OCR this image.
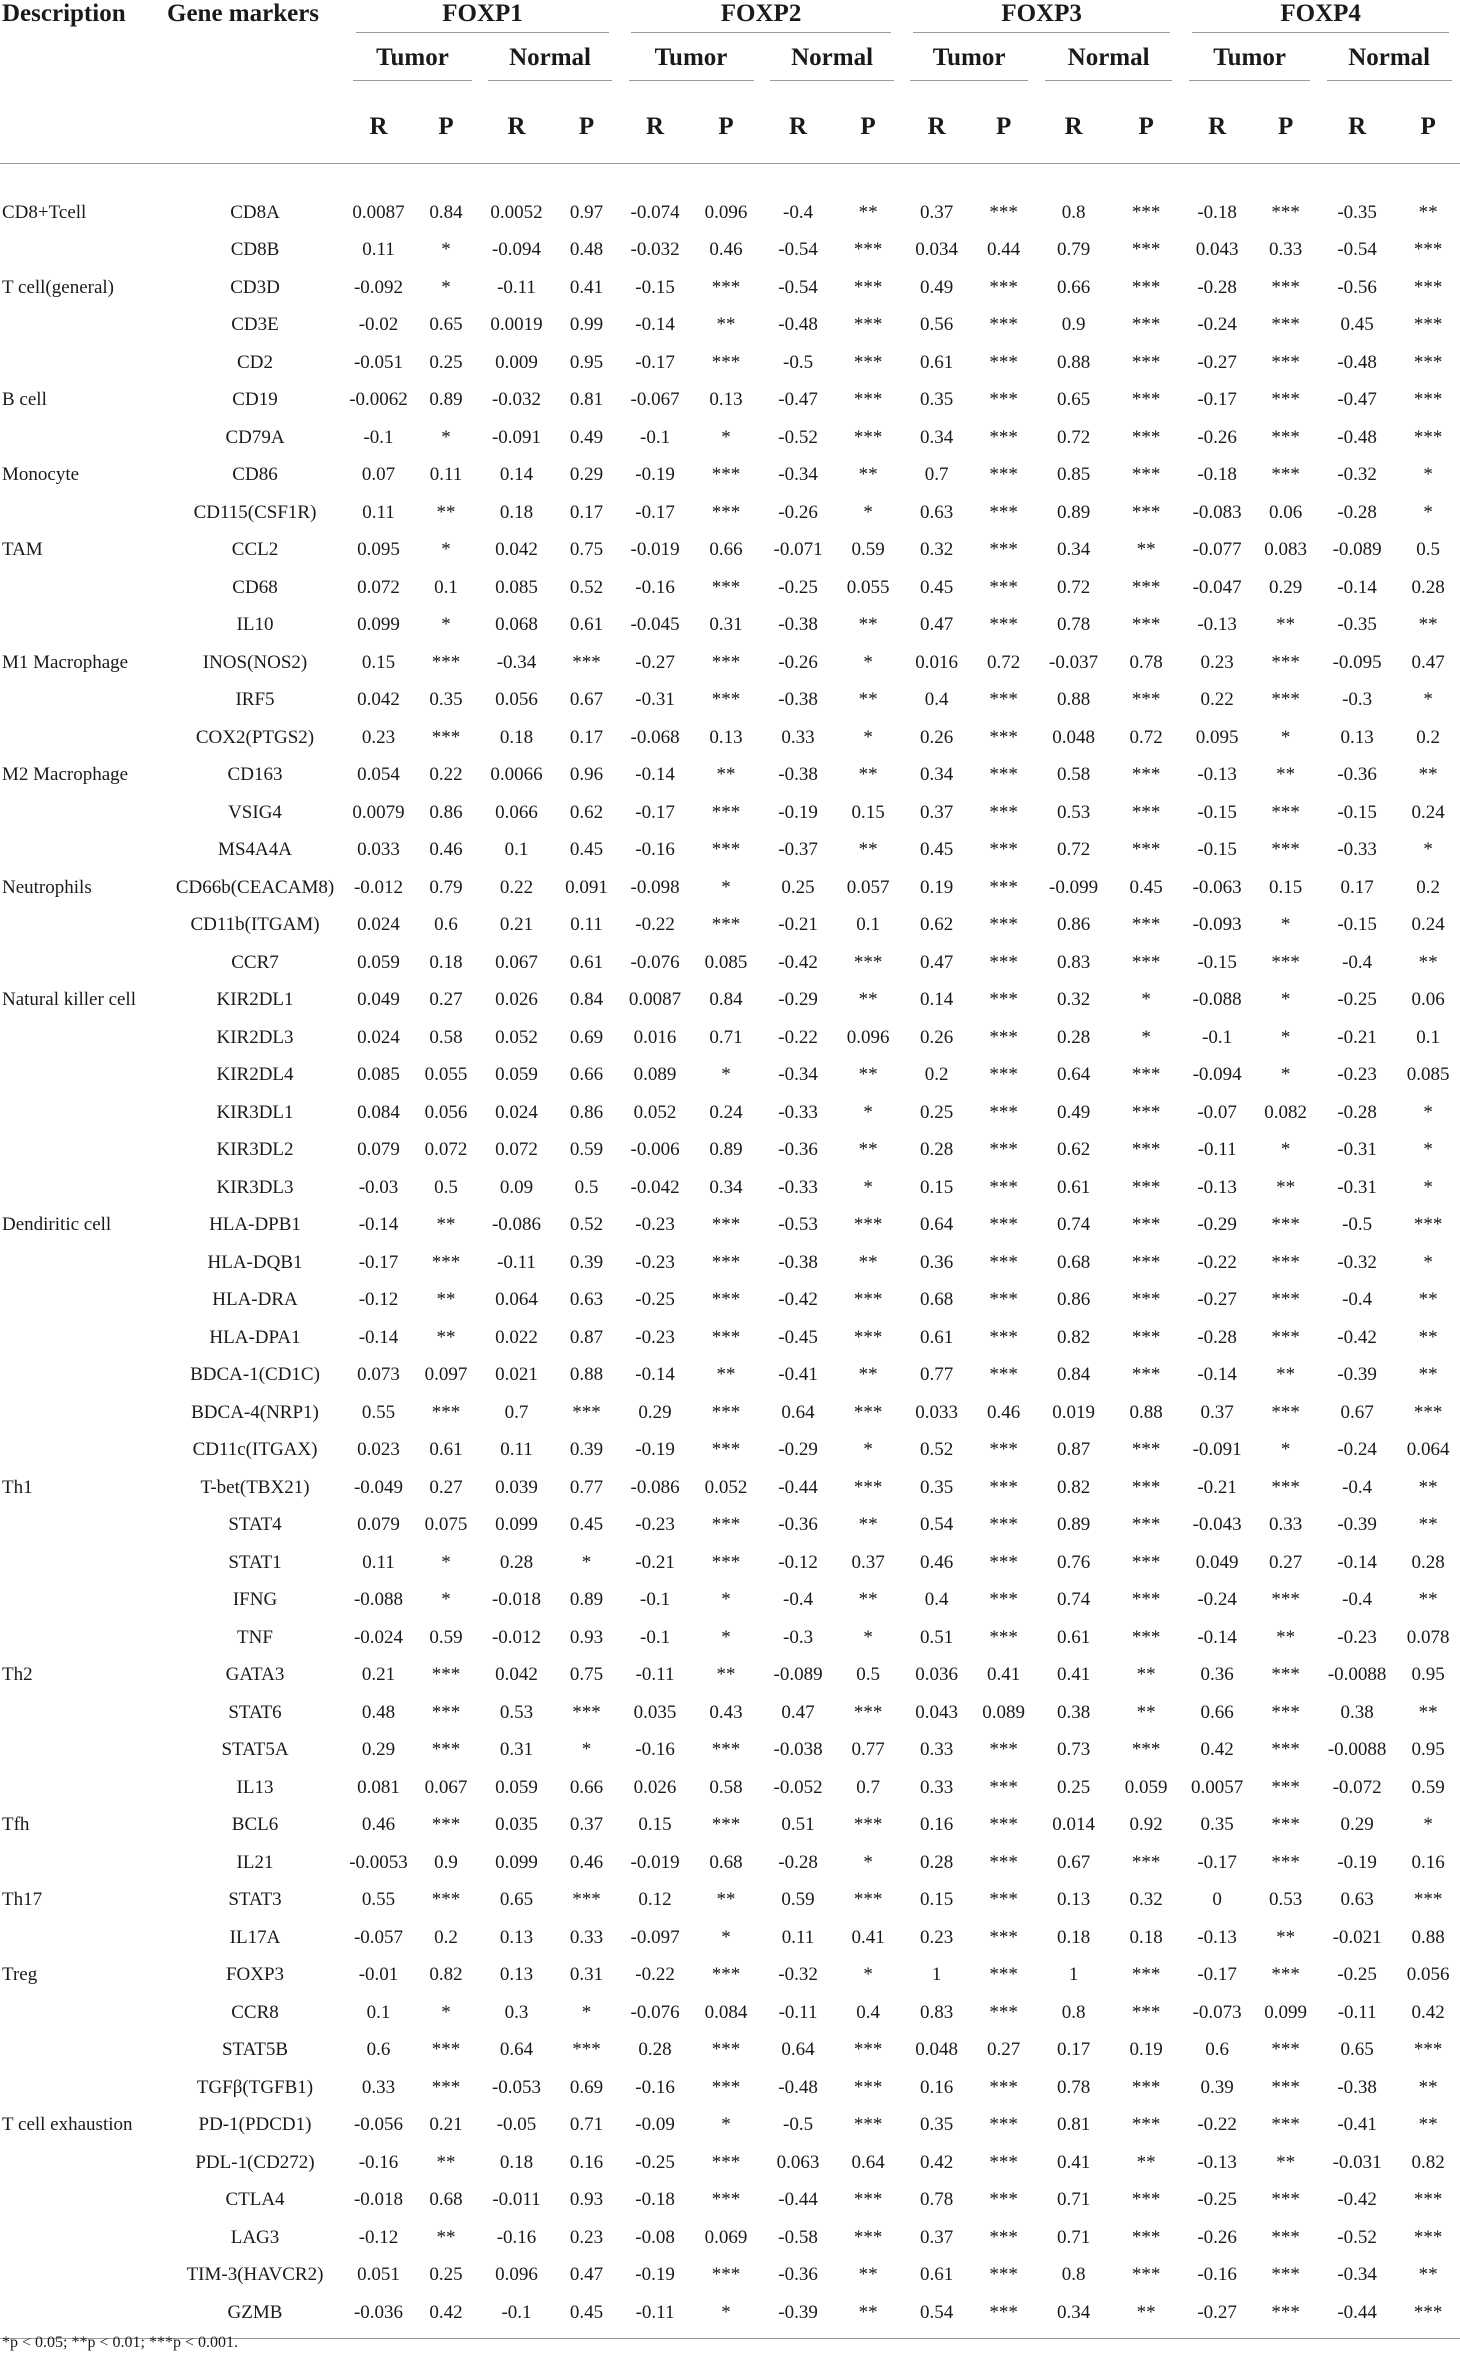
Description	Gene markers	FOXP1				FOXP2				FOXP3				FOXP4			
		Tumor		Normal		Tumor		Normal		Tumor		Normal		Tumor		Normal	
		R	P	R	P	R	P	R	P	R	P	R	P	R	P	R	P
CD8+Tcell	CD8A	0.0087	0.84	0.0052	0.97	-0.074	0.096	-0.4	**	0.37	***	0.8	***	-0.18	***	-0.35	**
	CD8B	0.11	*	-0.094	0.48	-0.032	0.46	-0.54	***	0.034	0.44	0.79	***	0.043	0.33	-0.54	***
T cell(general)	CD3D	-0.092	*	-0.11	0.41	-0.15	***	-0.54	***	0.49	***	0.66	***	-0.28	***	-0.56	***
	CD3E	-0.02	0.65	0.0019	0.99	-0.14	**	-0.48	***	0.56	***	0.9	***	-0.24	***	0.45	***
	CD2	-0.051	0.25	0.009	0.95	-0.17	***	-0.5	***	0.61	***	0.88	***	-0.27	***	-0.48	***
B cell	CD19	-0.0062	0.89	-0.032	0.81	-0.067	0.13	-0.47	***	0.35	***	0.65	***	-0.17	***	-0.47	***
	CD79A	-0.1	*	-0.091	0.49	-0.1	*	-0.52	***	0.34	***	0.72	***	-0.26	***	-0.48	***
Monocyte	CD86	0.07	0.11	0.14	0.29	-0.19	***	-0.34	**	0.7	***	0.85	***	-0.18	***	-0.32	*
	CD115(CSF1R)	0.11	**	0.18	0.17	-0.17	***	-0.26	*	0.63	***	0.89	***	-0.083	0.06	-0.28	*
TAM	CCL2	0.095	*	0.042	0.75	-0.019	0.66	-0.071	0.59	0.32	***	0.34	**	-0.077	0.083	-0.089	0.5
	CD68	0.072	0.1	0.085	0.52	-0.16	***	-0.25	0.055	0.45	***	0.72	***	-0.047	0.29	-0.14	0.28
	IL10	0.099	*	0.068	0.61	-0.045	0.31	-0.38	**	0.47	***	0.78	***	-0.13	**	-0.35	**
M1 Macrophage	INOS(NOS2)	0.15	***	-0.34	***	-0.27	***	-0.26	*	0.016	0.72	-0.037	0.78	0.23	***	-0.095	0.47
	IRF5	0.042	0.35	0.056	0.67	-0.31	***	-0.38	**	0.4	***	0.88	***	0.22	***	-0.3	*
	COX2(PTGS2)	0.23	***	0.18	0.17	-0.068	0.13	0.33	*	0.26	***	0.048	0.72	0.095	*	0.13	0.2
M2 Macrophage	CD163	0.054	0.22	0.0066	0.96	-0.14	**	-0.38	**	0.34	***	0.58	***	-0.13	**	-0.36	**
	VSIG4	0.0079	0.86	0.066	0.62	-0.17	***	-0.19	0.15	0.37	***	0.53	***	-0.15	***	-0.15	0.24
	MS4A4A	0.033	0.46	0.1	0.45	-0.16	***	-0.37	**	0.45	***	0.72	***	-0.15	***	-0.33	*
Neutrophils	CD66b(CEACAM8)	-0.012	0.79	0.22	0.091	-0.098	*	0.25	0.057	0.19	***	-0.099	0.45	-0.063	0.15	0.17	0.2
	CD11b(ITGAM)	0.024	0.6	0.21	0.11	-0.22	***	-0.21	0.1	0.62	***	0.86	***	-0.093	*	-0.15	0.24
	CCR7	0.059	0.18	0.067	0.61	-0.076	0.085	-0.42	***	0.47	***	0.83	***	-0.15	***	-0.4	**
Natural killer cell	KIR2DL1	0.049	0.27	0.026	0.84	0.0087	0.84	-0.29	**	0.14	***	0.32	*	-0.088	*	-0.25	0.06
	KIR2DL3	0.024	0.58	0.052	0.69	0.016	0.71	-0.22	0.096	0.26	***	0.28	*	-0.1	*	-0.21	0.1
	KIR2DL4	0.085	0.055	0.059	0.66	0.089	*	-0.34	**	0.2	***	0.64	***	-0.094	*	-0.23	0.085
	KIR3DL1	0.084	0.056	0.024	0.86	0.052	0.24	-0.33	*	0.25	***	0.49	***	-0.07	0.082	-0.28	*
	KIR3DL2	0.079	0.072	0.072	0.59	-0.006	0.89	-0.36	**	0.28	***	0.62	***	-0.11	*	-0.31	*
	KIR3DL3	-0.03	0.5	0.09	0.5	-0.042	0.34	-0.33	*	0.15	***	0.61	***	-0.13	**	-0.31	*
Dendiritic cell	HLA-DPB1	-0.14	**	-0.086	0.52	-0.23	***	-0.53	***	0.64	***	0.74	***	-0.29	***	-0.5	***
	HLA-DQB1	-0.17	***	-0.11	0.39	-0.23	***	-0.38	**	0.36	***	0.68	***	-0.22	***	-0.32	*
	HLA-DRA	-0.12	**	0.064	0.63	-0.25	***	-0.42	***	0.68	***	0.86	***	-0.27	***	-0.4	**
	HLA-DPA1	-0.14	**	0.022	0.87	-0.23	***	-0.45	***	0.61	***	0.82	***	-0.28	***	-0.42	**
	BDCA-1(CD1C)	0.073	0.097	0.021	0.88	-0.14	**	-0.41	**	0.77	***	0.84	***	-0.14	**	-0.39	**
	BDCA-4(NRP1)	0.55	***	0.7	***	0.29	***	0.64	***	0.033	0.46	0.019	0.88	0.37	***	0.67	***
	CD11c(ITGAX)	0.023	0.61	0.11	0.39	-0.19	***	-0.29	*	0.52	***	0.87	***	-0.091	*	-0.24	0.064
Th1	T-bet(TBX21)	-0.049	0.27	0.039	0.77	-0.086	0.052	-0.44	***	0.35	***	0.82	***	-0.21	***	-0.4	**
	STAT4	0.079	0.075	0.099	0.45	-0.23	***	-0.36	**	0.54	***	0.89	***	-0.043	0.33	-0.39	**
	STAT1	0.11	*	0.28	*	-0.21	***	-0.12	0.37	0.46	***	0.76	***	0.049	0.27	-0.14	0.28
	IFNG	-0.088	*	-0.018	0.89	-0.1	*	-0.4	**	0.4	***	0.74	***	-0.24	***	-0.4	**
	TNF	-0.024	0.59	-0.012	0.93	-0.1	*	-0.3	*	0.51	***	0.61	***	-0.14	**	-0.23	0.078
Th2	GATA3	0.21	***	0.042	0.75	-0.11	**	-0.089	0.5	0.036	0.41	0.41	**	0.36	***	-0.0088	0.95
	STAT6	0.48	***	0.53	***	0.035	0.43	0.47	***	0.043	0.089	0.38	**	0.66	***	0.38	**
	STAT5A	0.29	***	0.31	*	-0.16	***	-0.038	0.77	0.33	***	0.73	***	0.42	***	-0.0088	0.95
	IL13	0.081	0.067	0.059	0.66	0.026	0.58	-0.052	0.7	0.33	***	0.25	0.059	0.0057	***	-0.072	0.59
Tfh	BCL6	0.46	***	0.035	0.37	0.15	***	0.51	***	0.16	***	0.014	0.92	0.35	***	0.29	*
	IL21	-0.0053	0.9	0.099	0.46	-0.019	0.68	-0.28	*	0.28	***	0.67	***	-0.17	***	-0.19	0.16
Th17	STAT3	0.55	***	0.65	***	0.12	**	0.59	***	0.15	***	0.13	0.32	0	0.53	0.63	***
	IL17A	-0.057	0.2	0.13	0.33	-0.097	*	0.11	0.41	0.23	***	0.18	0.18	-0.13	**	-0.021	0.88
Treg	FOXP3	-0.01	0.82	0.13	0.31	-0.22	***	-0.32	*	1	***	1	***	-0.17	***	-0.25	0.056
	CCR8	0.1	*	0.3	*	-0.076	0.084	-0.11	0.4	0.83	***	0.8	***	-0.073	0.099	-0.11	0.42
	STAT5B	0.6	***	0.64	***	0.28	***	0.64	***	0.048	0.27	0.17	0.19	0.6	***	0.65	***
	TGFβ(TGFB1)	0.33	***	-0.053	0.69	-0.16	***	-0.48	***	0.16	***	0.78	***	0.39	***	-0.38	**
T cell exhaustion	PD-1(PDCD1)	-0.056	0.21	-0.05	0.71	-0.09	*	-0.5	***	0.35	***	0.81	***	-0.22	***	-0.41	**
	PDL-1(CD272)	-0.16	**	0.18	0.16	-0.25	***	0.063	0.64	0.42	***	0.41	**	-0.13	**	-0.031	0.82
	CTLA4	-0.018	0.68	-0.011	0.93	-0.18	***	-0.44	***	0.78	***	0.71	***	-0.25	***	-0.42	***
	LAG3	-0.12	**	-0.16	0.23	-0.08	0.069	-0.58	***	0.37	***	0.71	***	-0.26	***	-0.52	***
	TIM-3(HAVCR2)	0.051	0.25	0.096	0.47	-0.19	***	-0.36	**	0.61	***	0.8	***	-0.16	***	-0.34	**
	GZMB	-0.036	0.42	-0.1	0.45	-0.11	*	-0.39	**	0.54	***	0.34	**	-0.27	***	-0.44	***
*p < 0.05; **p < 0.01; ***p < 0.001.
